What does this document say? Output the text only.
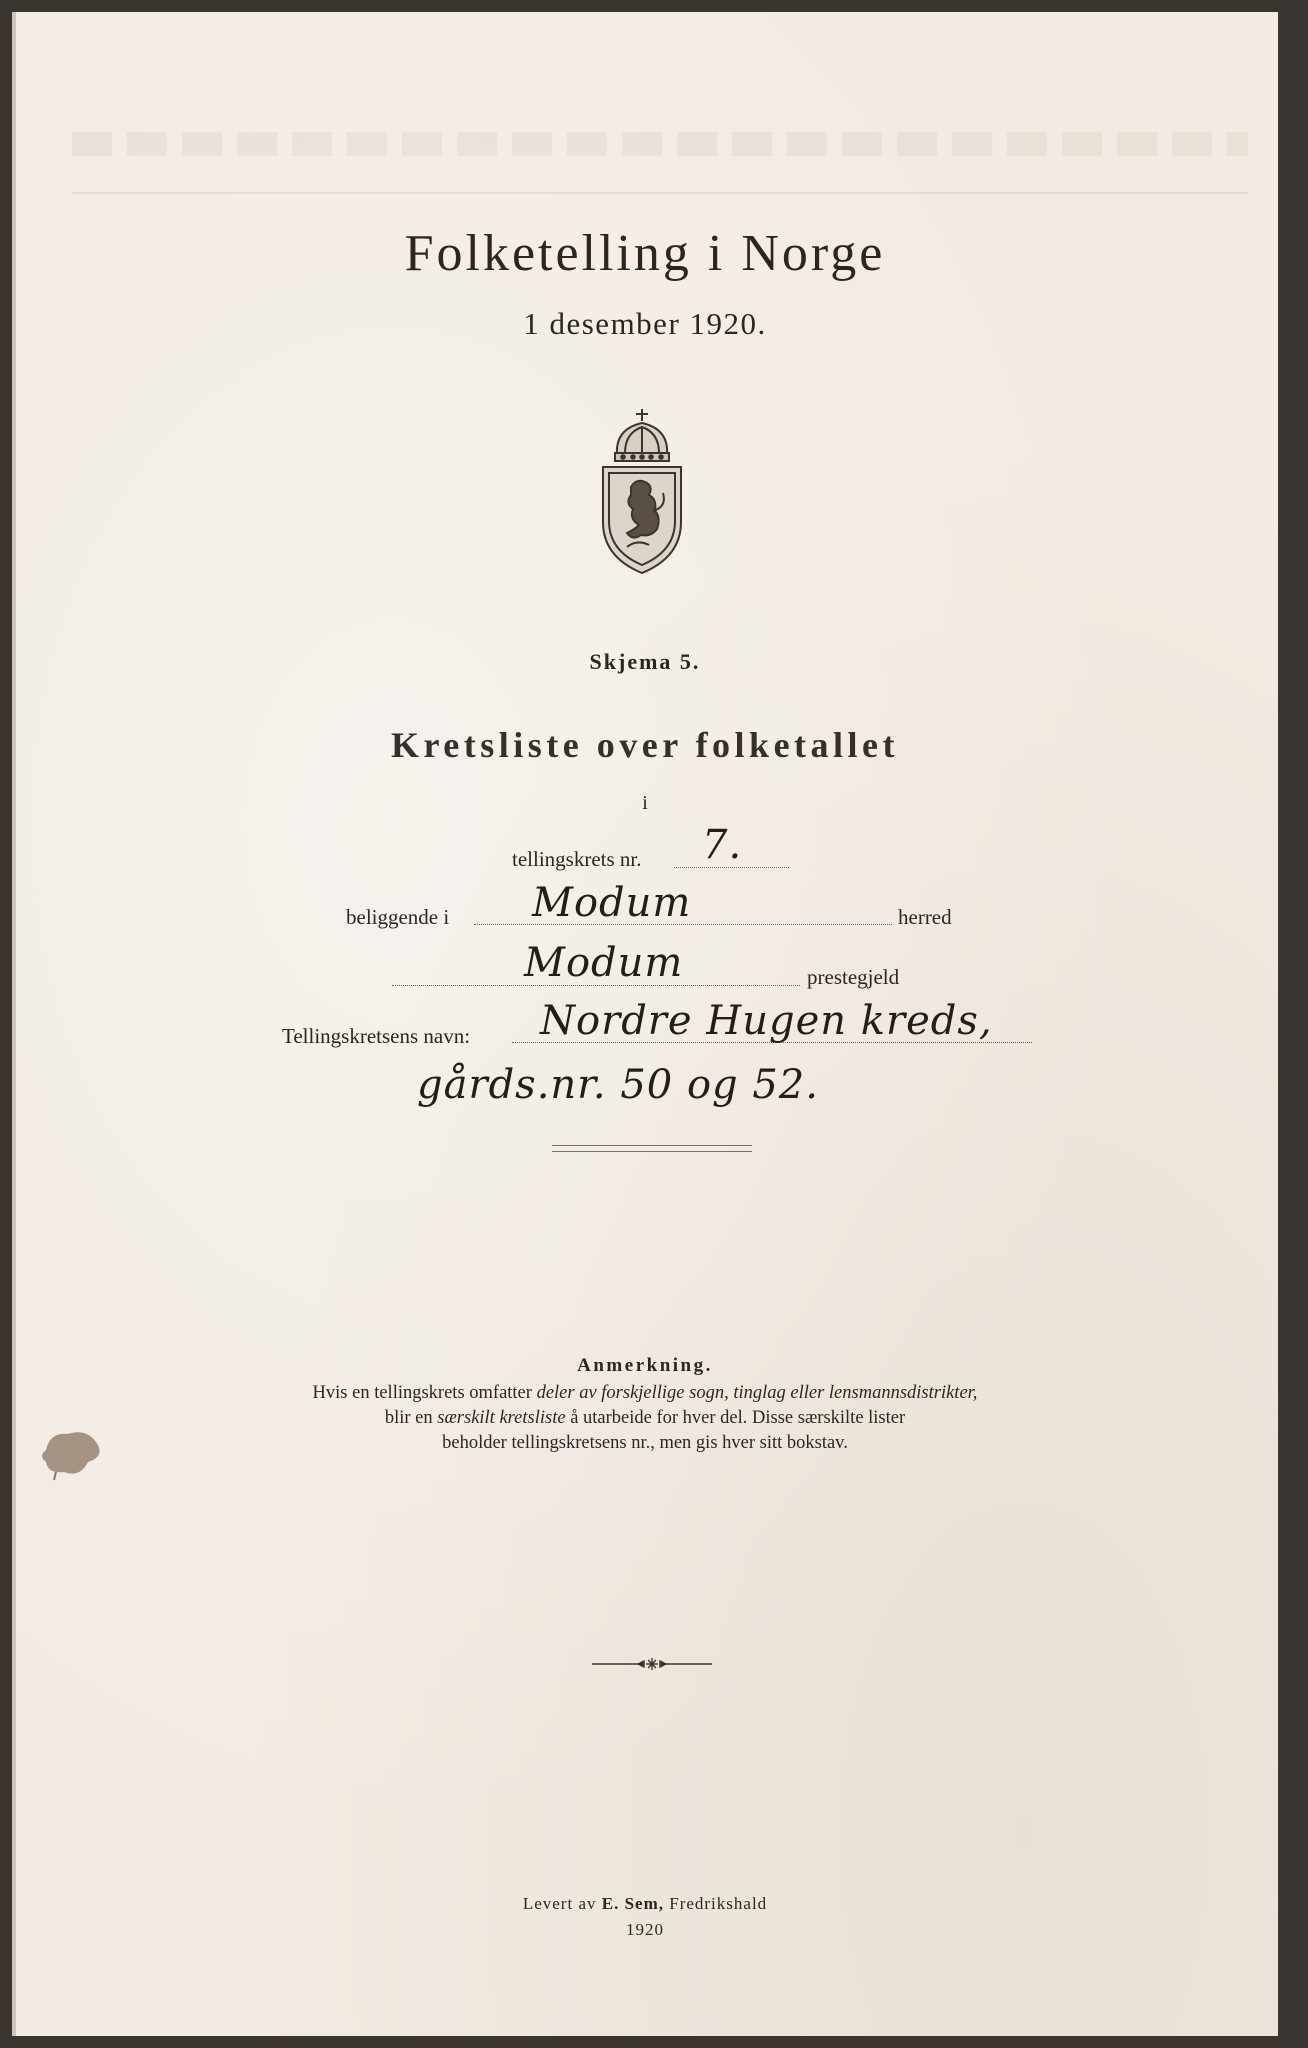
Folketelling i Norge
1 desember 1920.
Skjema 5.
Kretsliste over folketallet
i
tellingskrets nr. 7.
beliggende i Modum	herred
Modum	prestegjeld
Tellingskretsens navn: Nordre Hugen kreds,
gårds.nr. 50 og 52.
Anmerkning.
Hvis en tellingskrets omfatter deler av forskjellige sogn, tinglag eller lensmannsdistrikter,
blir en særskilt kretsliste å utarbeide for hver del. Disse særskilte lister
beholder tellingskretsens nr., men gis hver sitt bokstav.
Levert av E. Sem, Fredrikshald
1920
